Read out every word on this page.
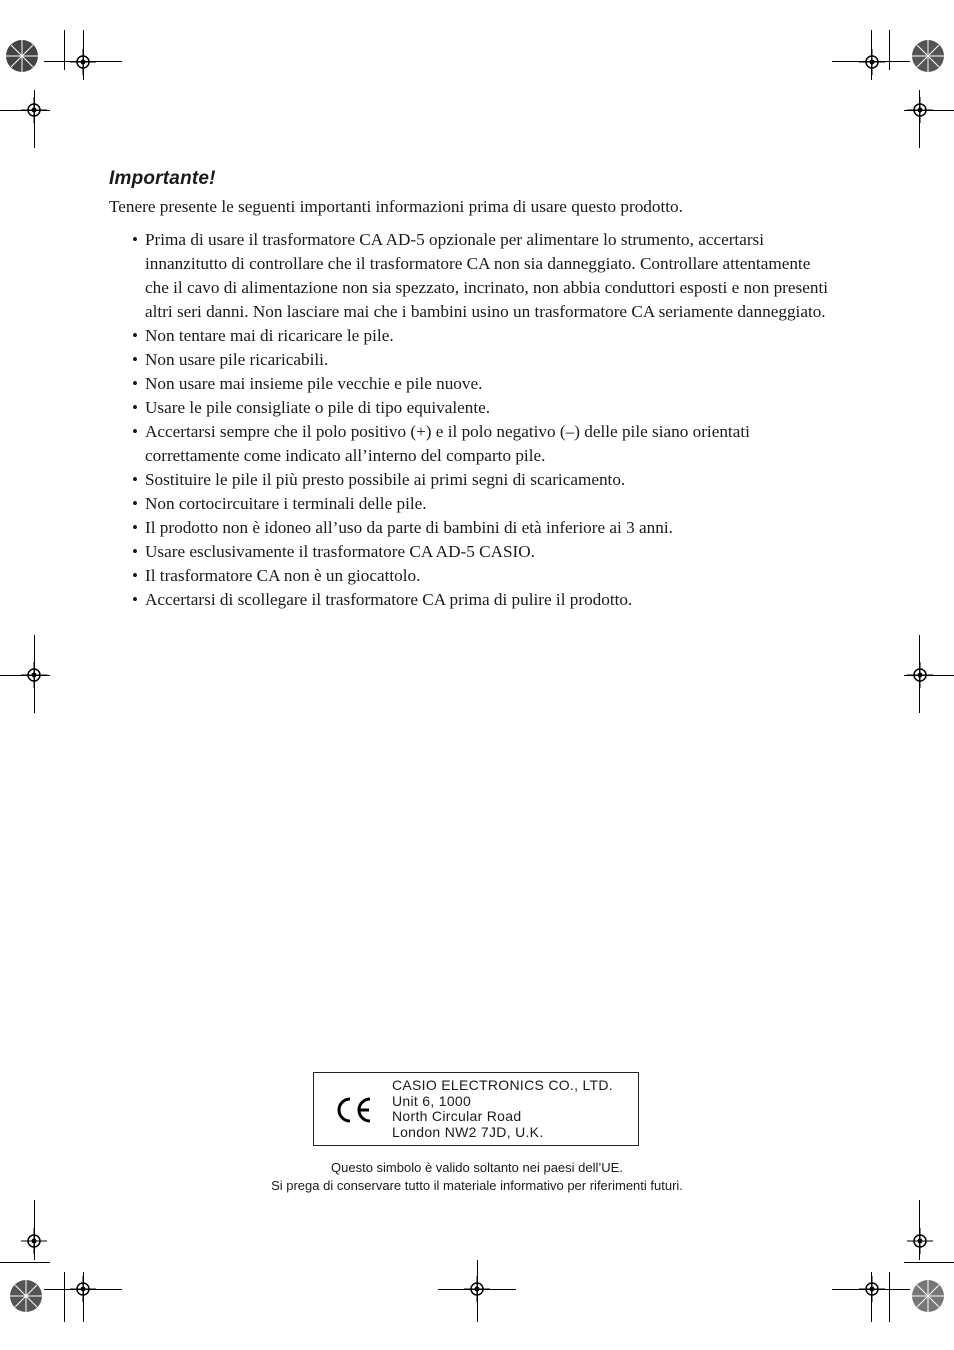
Importante!
Tenere presente le seguenti importanti informazioni prima di usare questo prodotto.
• Prima di usare il trasformatore CA AD-5 opzionale per alimentare lo strumento, accertarsi innanzitutto di controllare che il trasformatore CA non sia danneggiato. Controllare attentamente che il cavo di alimentazione non sia spezzato, incrinato, non abbia conduttori esposti e non presenti altri seri danni. Non lasciare mai che i bambini usino un trasformatore CA seriamente danneggiato.
• Non tentare mai di ricaricare le pile.
• Non usare pile ricaricabili.
• Non usare mai insieme pile vecchie e pile nuove.
• Usare le pile consigliate o pile di tipo equivalente.
• Accertarsi sempre che il polo positivo (+) e il polo negativo (–) delle pile siano orientati correttamente come indicato all’interno del comparto pile.
• Sostituire le pile il più presto possibile ai primi segni di scaricamento.
• Non cortocircuitare i terminali delle pile.
• Il prodotto non è idoneo all’uso da parte di bambini di età inferiore ai 3 anni.
• Usare esclusivamente il trasformatore CA AD-5 CASIO.
• Il trasformatore CA non è un giocattolo.
• Accertarsi di scollegare il trasformatore CA prima di pulire il prodotto.
CASIO ELECTRONICS CO., LTD.
Unit 6, 1000
North Circular Road
London NW2 7JD, U.K.
Questo simbolo è valido soltanto nei paesi dell’UE.
Si prega di conservare tutto il materiale informativo per riferimenti futuri.
